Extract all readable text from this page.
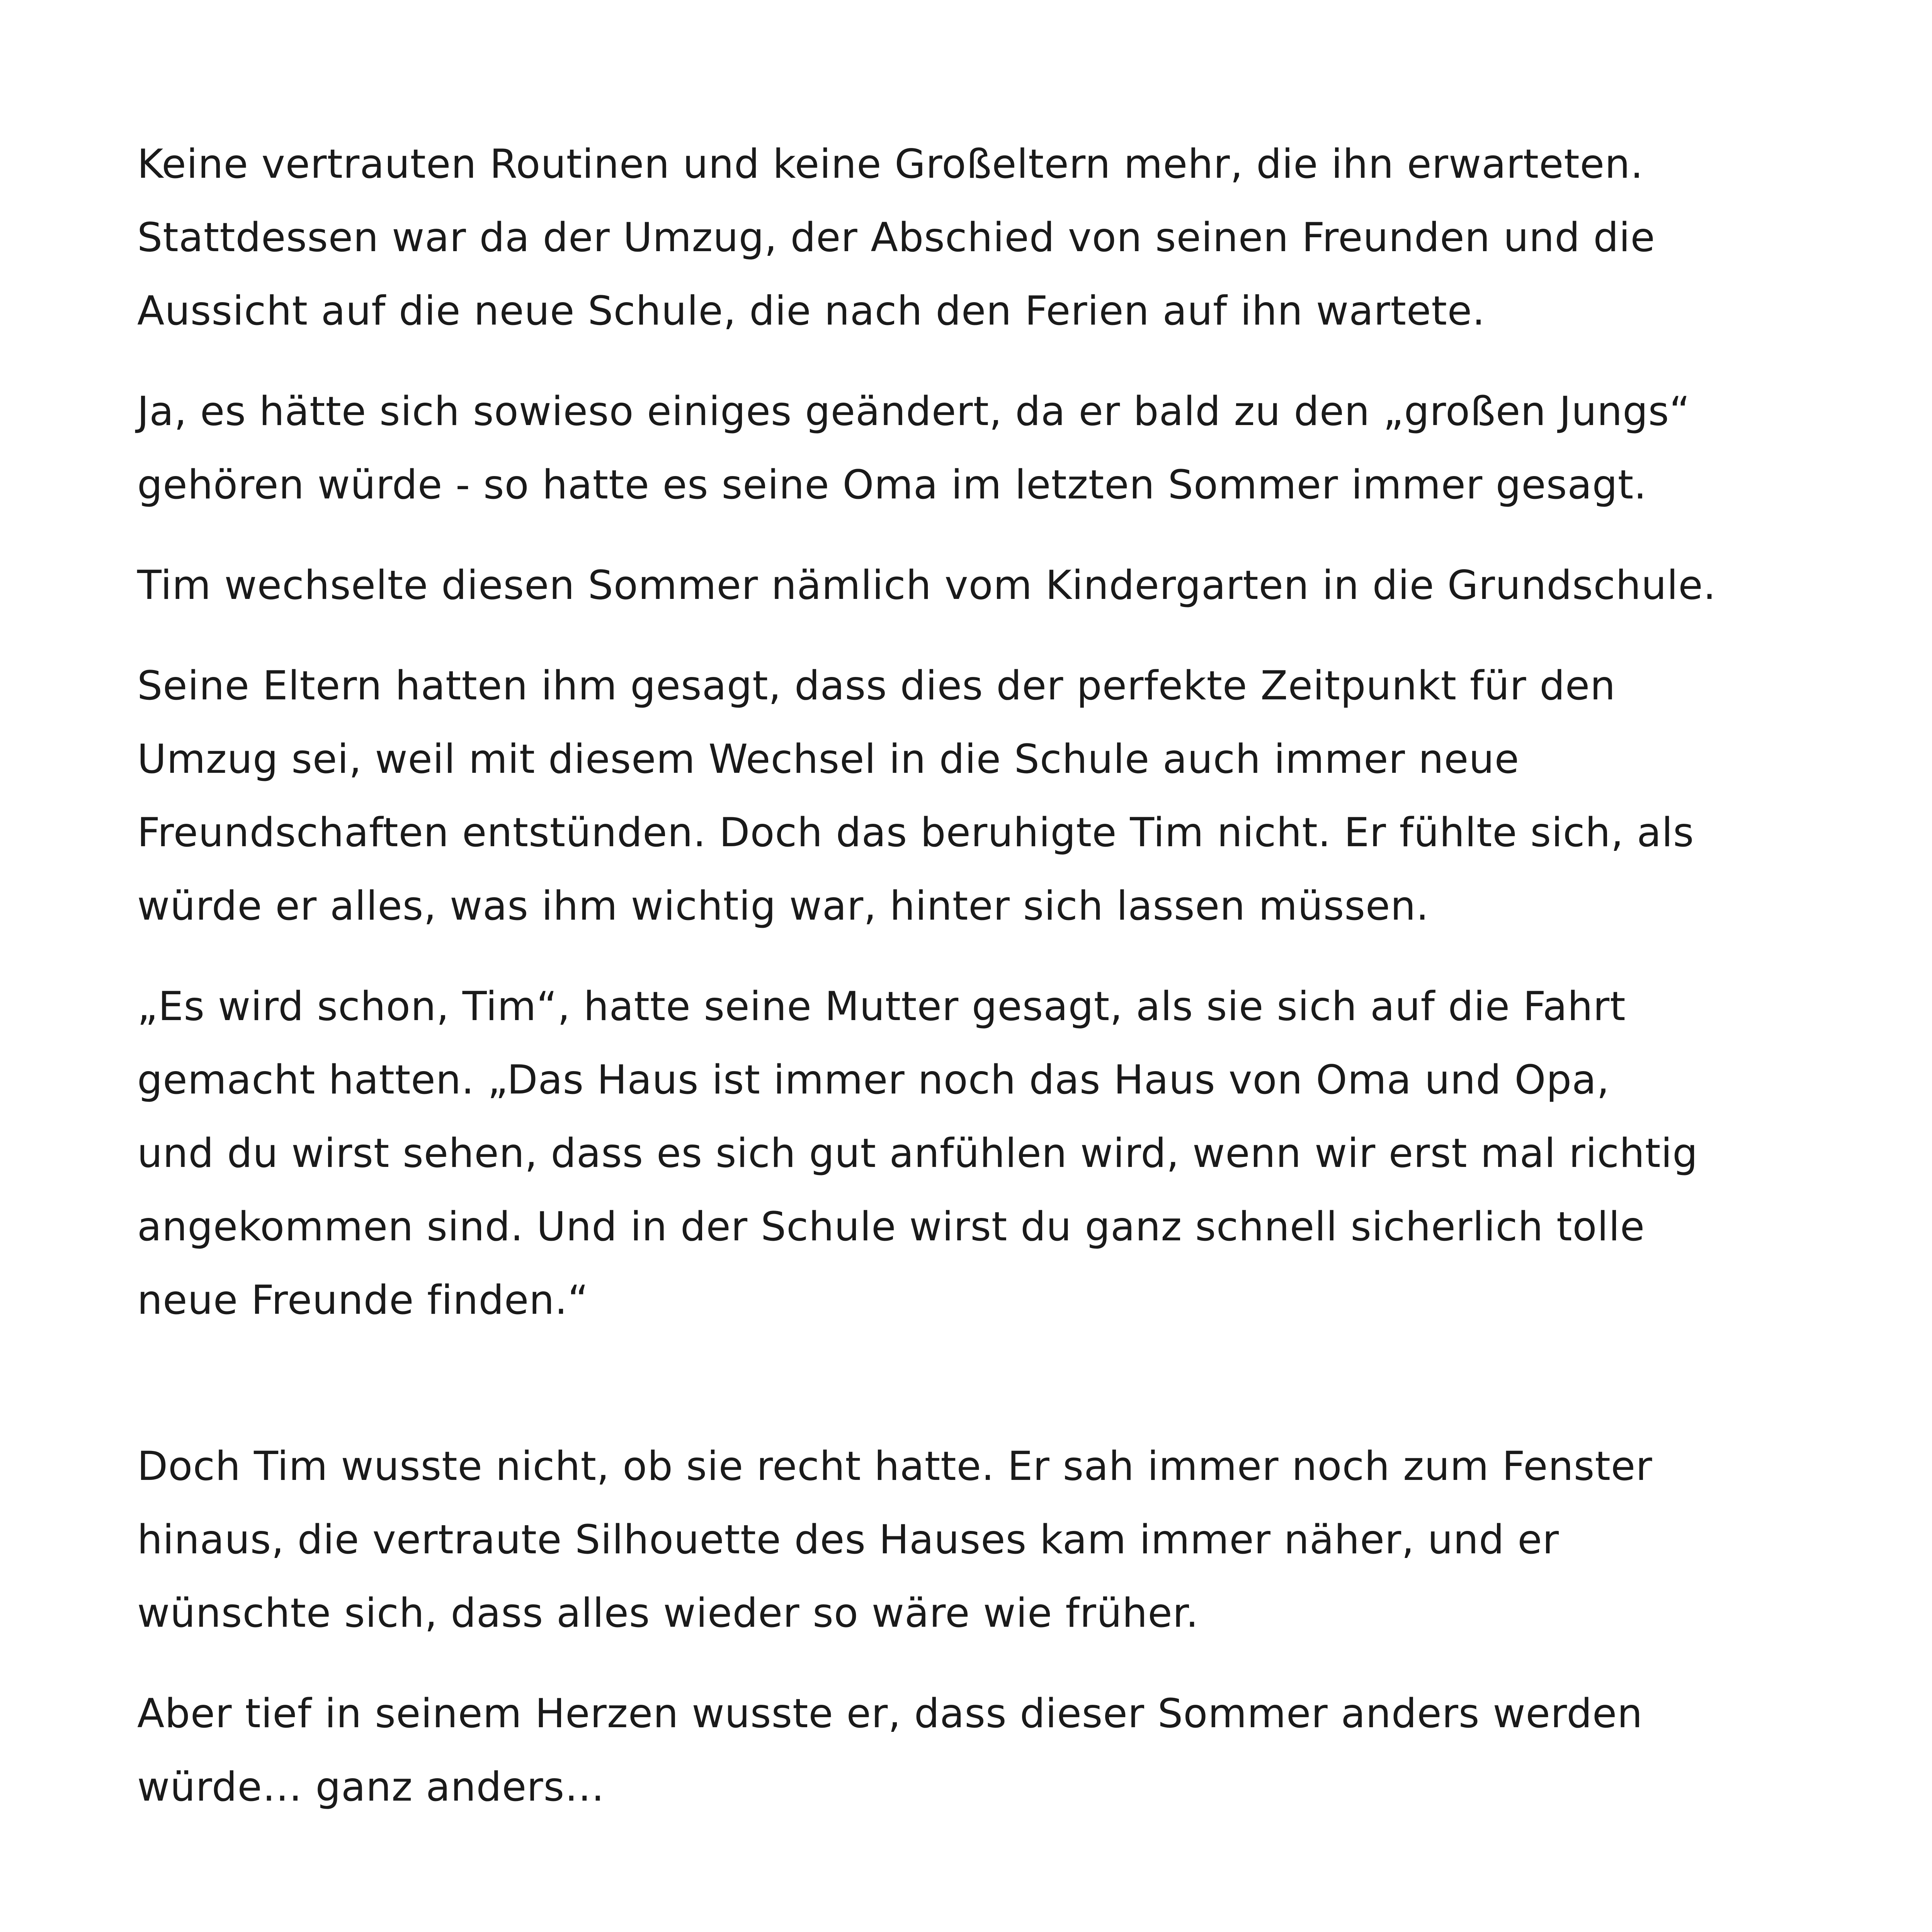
Keine vertrauten Routinen und keine Großeltern mehr, die ihn erwarteten.
Stattdessen war da der Umzug, der Abschied von seinen Freunden und die
Aussicht auf die neue Schule, die nach den Ferien auf ihn wartete.

Ja, es hätte sich sowieso einiges geändert, da er bald zu den „großen Jungs“
gehören würde - so hatte es seine Oma im letzten Sommer immer gesagt.

Tim wechselte diesen Sommer nämlich vom Kindergarten in die Grundschule.

Seine Eltern hatten ihm gesagt, dass dies der perfekte Zeitpunkt für den
Umzug sei, weil mit diesem Wechsel in die Schule auch immer neue
Freundschaften entstünden. Doch das beruhigte Tim nicht. Er fühlte sich, als
würde er alles, was ihm wichtig war, hinter sich lassen müssen.

„Es wird schon, Tim“, hatte seine Mutter gesagt, als sie sich auf die Fahrt
gemacht hatten. „Das Haus ist immer noch das Haus von Oma und Opa,
und du wirst sehen, dass es sich gut anfühlen wird, wenn wir erst mal richtig
angekommen sind. Und in der Schule wirst du ganz schnell sicherlich tolle
neue Freunde finden.“

Doch Tim wusste nicht, ob sie recht hatte. Er sah immer noch zum Fenster
hinaus, die vertraute Silhouette des Hauses kam immer näher, und er
wünschte sich, dass alles wieder so wäre wie früher.

Aber tief in seinem Herzen wusste er, dass dieser Sommer anders werden
würde… ganz anders…
